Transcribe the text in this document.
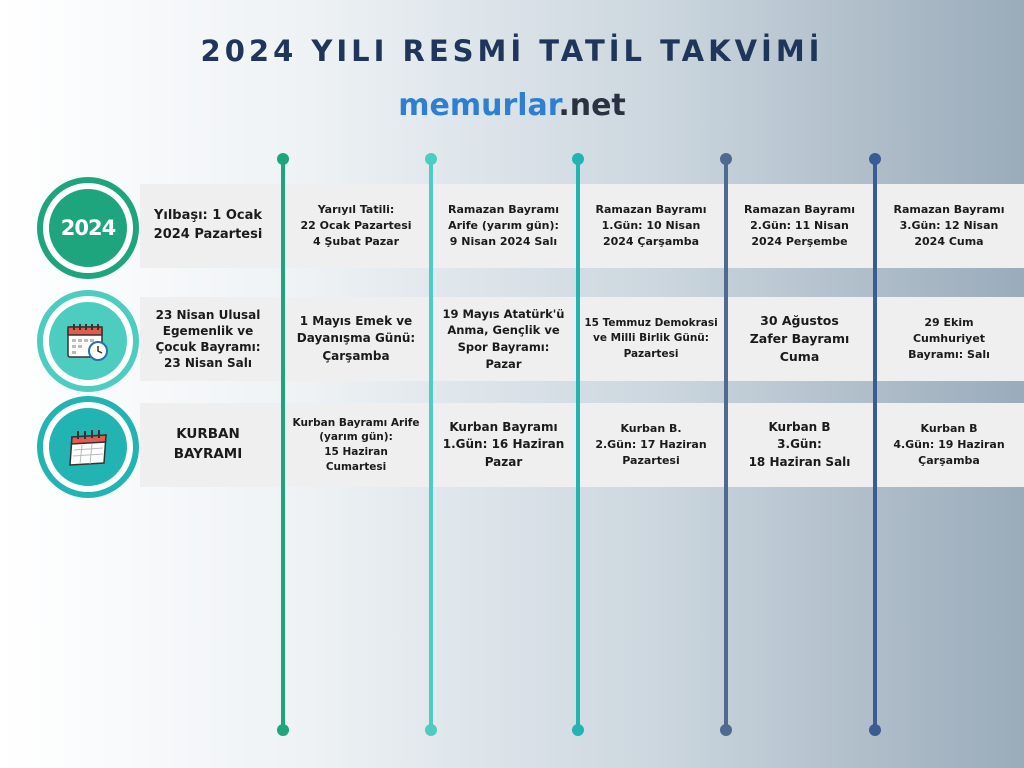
2024 YILI RESMİ TATİL TAKVİMİ
memurlar.net
2024
Yılbaşı: 1 Ocak
2024 Pazartesi
23 Nisan Ulusal
Egemenlik ve
Çocuk Bayramı:
23 Nisan Salı
KURBAN
BAYRAMI
Yarıyıl Tatili:
22 Ocak Pazartesi
4 Şubat Pazar
Ramazan Bayramı
Arife (yarım gün):
9 Nisan 2024 Salı
Ramazan Bayramı
1.Gün: 10 Nisan
2024 Çarşamba
Ramazan Bayramı
2.Gün: 11 Nisan
2024 Perşembe
Ramazan Bayramı
3.Gün: 12 Nisan
2024 Cuma
1 Mayıs Emek ve
Dayanışma Günü:
Çarşamba
19 Mayıs Atatürk'ü
Anma, Gençlik ve
Spor Bayramı:
Pazar
15 Temmuz Demokrasi
ve Milli Birlik Günü:
Pazartesi
30 Ağustos
Zafer Bayramı
Cuma
29 Ekim
Cumhuriyet
Bayramı: Salı
Kurban Bayramı Arife
(yarım gün):
15 Haziran
Cumartesi
Kurban Bayramı
1.Gün: 16 Haziran
Pazar
Kurban B.
2.Gün: 17 Haziran
Pazartesi
Kurban B
3.Gün:
18 Haziran Salı
Kurban B
4.Gün: 19 Haziran
Çarşamba
